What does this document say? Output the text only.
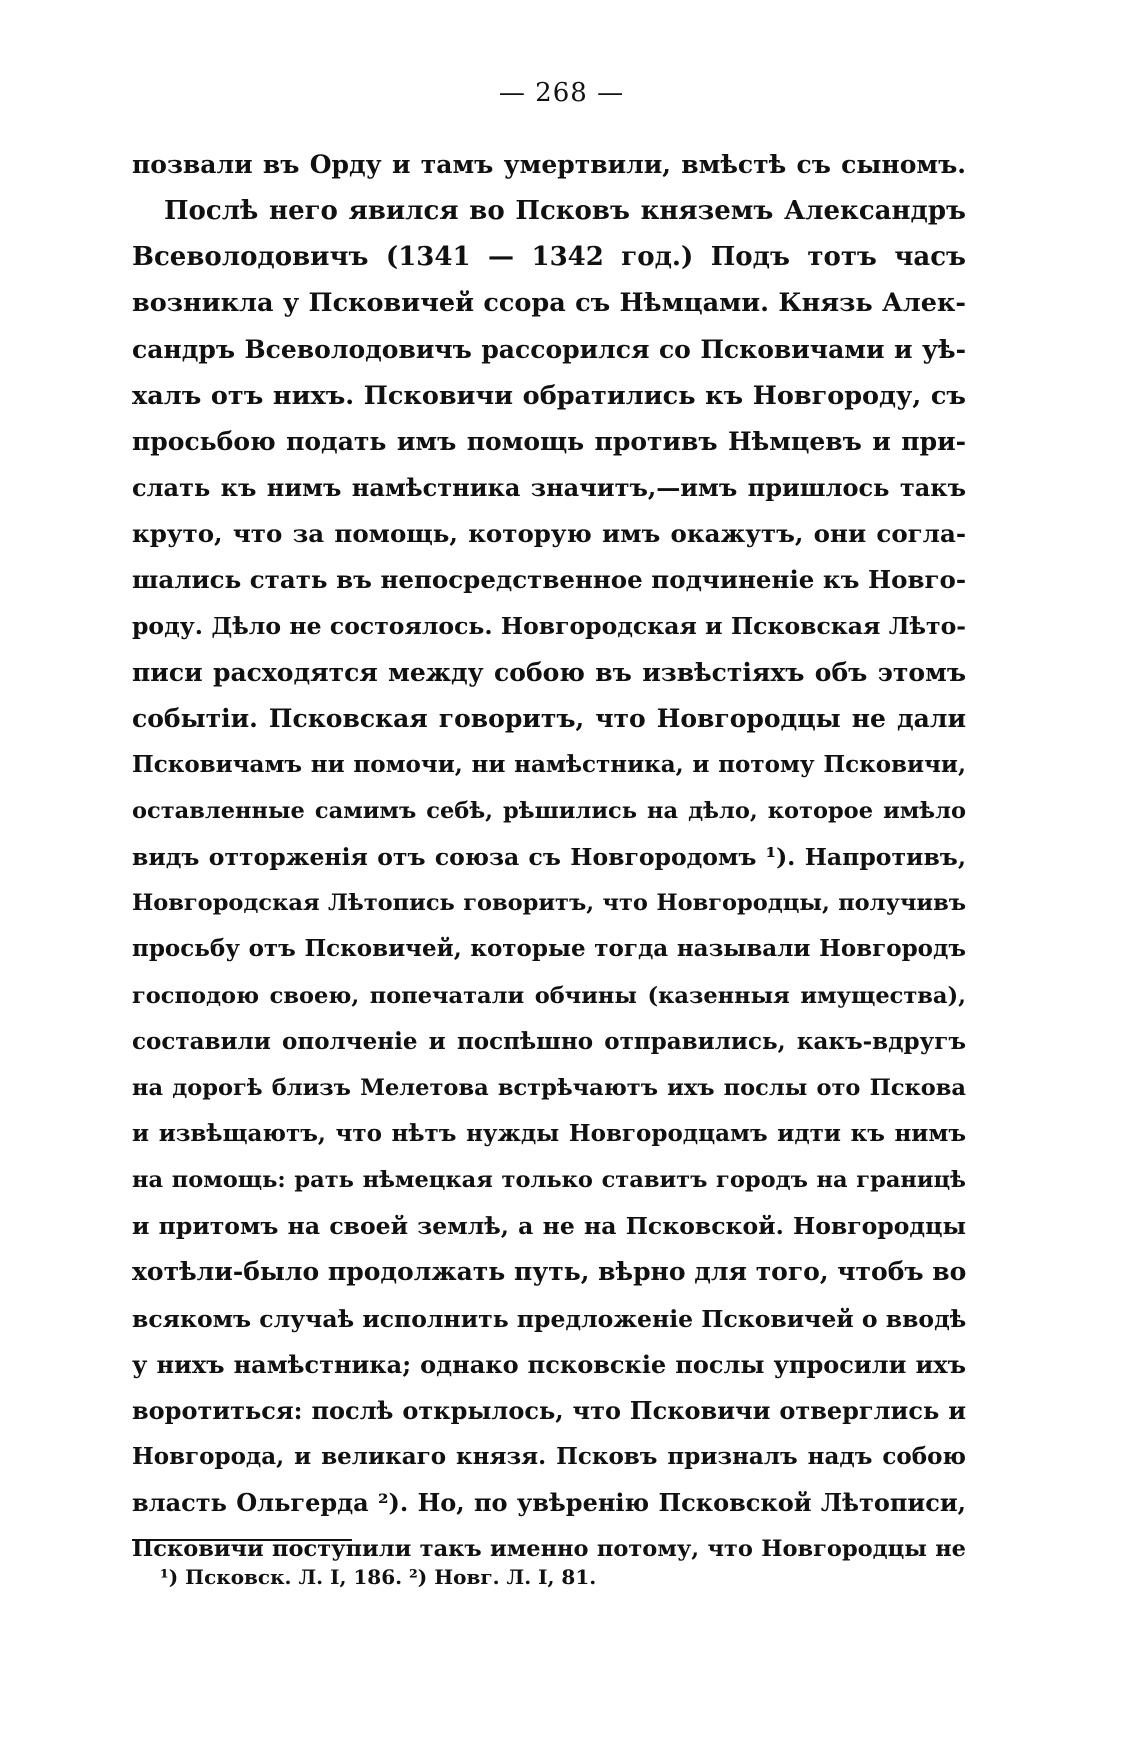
— 268 —
позвали въ Орду и тамъ умертвили, вмѣстѣ съ сыномъ.
Послѣ него явился во Псковъ княземъ Александръ
Всеволодовичъ (1341 — 1342 год.) Подъ тотъ часъ
возникла у Псковичей ссора съ Нѣмцами. Князь Алек-
сандръ Всеволодовичъ рассорился со Псковичами и уѣ-
халъ отъ нихъ. Псковичи обратились къ Новгороду, съ
просьбою подать имъ помощь противъ Нѣмцевъ и при-
слать къ нимъ намѣстника значитъ,—имъ пришлось такъ
круто, что за помощь, которую имъ окажутъ, они согла-
шались стать въ непосредственное подчиненіе къ Новго-
роду. Дѣло не состоялось. Новгородская и Псковская Лѣто-
писи расходятся между собою въ извѣстіяхъ объ этомъ
событіи. Псковская говоритъ, что Новгородцы не дали
Псковичамъ ни помочи, ни намѣстника, и потому Псковичи,
оставленные самимъ себѣ, рѣшились на дѣло, которое имѣло
видъ отторженія отъ союза съ Новгородомъ ¹). Напротивъ,
Новгородская Лѣтопись говоритъ, что Новгородцы, получивъ
просьбу отъ Псковичей, которые тогда называли Новгородъ
господою своею, попечатали обчины (казенныя имущества),
составили ополченіе и поспѣшно отправились, какъ-вдругъ
на дорогѣ близъ Мелетова встрѣчаютъ ихъ послы ото Пскова
и извѣщаютъ, что нѣтъ нужды Новгородцамъ идти къ нимъ
на помощь: рать нѣмецкая только ставитъ городъ на границѣ
и притомъ на своей землѣ, а не на Псковской. Новгородцы
хотѣли-было продолжать путь, вѣрно для того, чтобъ во
всякомъ случаѣ исполнить предложеніе Псковичей о вводѣ
у нихъ намѣстника; однако псковскіе послы упросили ихъ
воротиться: послѣ открылось, что Псковичи отверглись и
Новгорода, и великаго князя. Псковъ призналъ надъ собою
власть Ольгерда ²). Но, по увѣренію Псковской Лѣтописи,
Псковичи поступили такъ именно потому, что Новгородцы не
¹) Псковск. Л. I, 186. ²) Новг. Л. I, 81.
